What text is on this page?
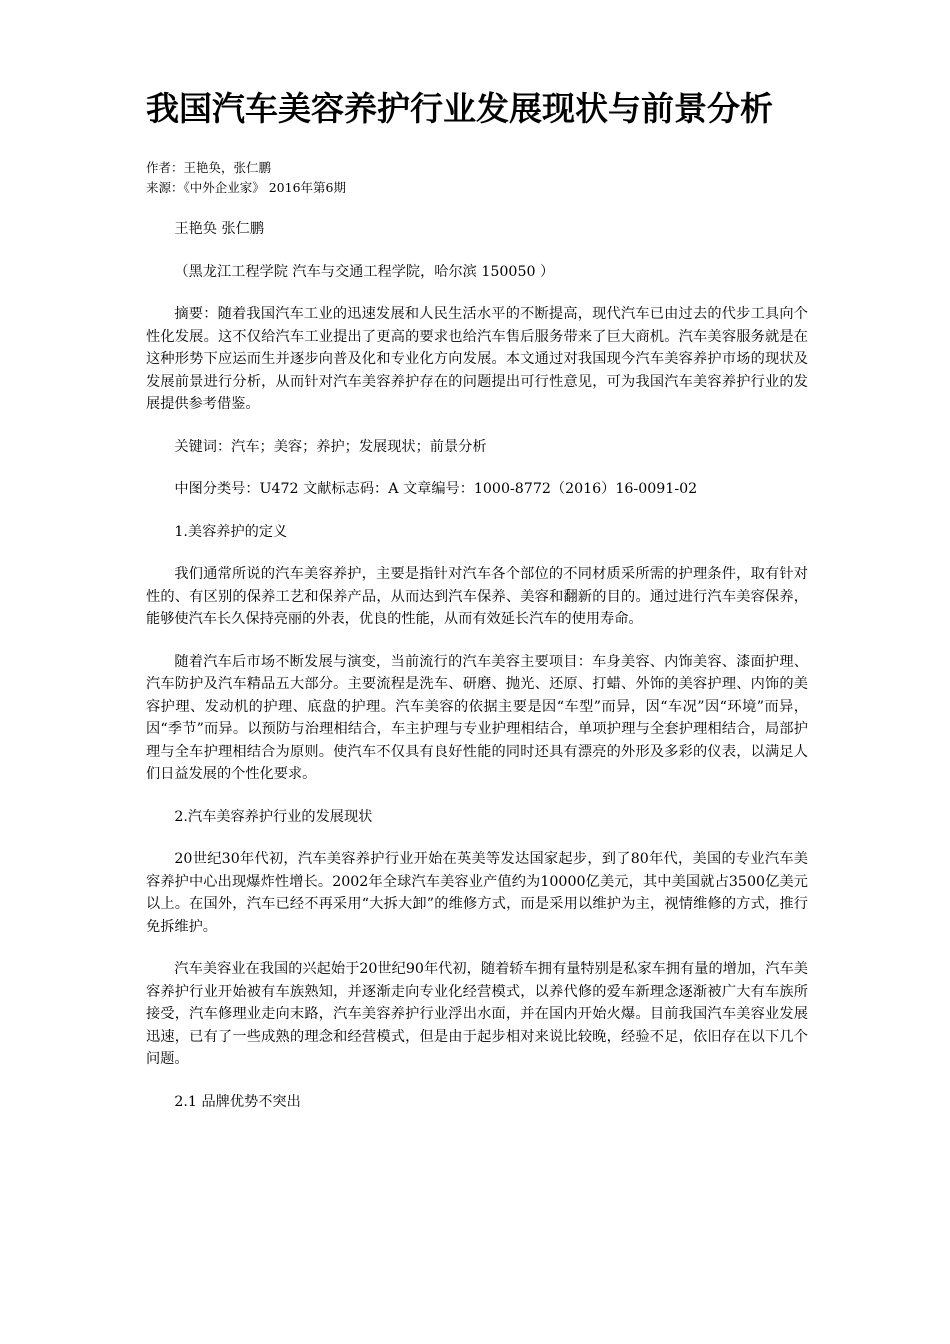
我国汽车美容养护行业发展现状与前景分析
作者：王艳奂，张仁鹏
来源：《中外企业家》 2016年第6期

王艳奂 张仁鹏

（黑龙江工程学院 汽车与交通工程学院，哈尔滨 150050 ）

摘要：随着我国汽车工业的迅速发展和人民生活水平的不断提高，现代汽车已由过去的代步工具向个性化发展。这不仅给汽车工业提出了更高的要求也给汽车售后服务带来了巨大商机。汽车美容服务就是在这种形势下应运而生并逐步向普及化和专业化方向发展。本文通过对我国现今汽车美容养护市场的现状及发展前景进行分析，从而针对汽车美容养护存在的问题提出可行性意见，可为我国汽车美容养护行业的发展提供参考借鉴。

关键词：汽车；美容；养护；发展现状；前景分析

中图分类号：U472 文献标志码：A 文章编号：1000-8772（2016）16-0091-02

1.美容养护的定义

我们通常所说的汽车美容养护，主要是指针对汽车各个部位的不同材质采所需的护理条件，取有针对性的、有区别的保养工艺和保养产品，从而达到汽车保养、美容和翻新的目的。通过进行汽车美容保养，能够使汽车长久保持亮丽的外表，优良的性能，从而有效延长汽车的使用寿命。

随着汽车后市场不断发展与演变，当前流行的汽车美容主要项目：车身美容、内饰美容、漆面护理、汽车防护及汽车精品五大部分。主要流程是洗车、研磨、抛光、还原、打蜡、外饰的美容护理、内饰的美容护理、发动机的护理、底盘的护理。汽车美容的依据主要是因“车型”而异，因“车况”因“环境”而异，因“季节”而异。以预防与治理相结合，车主护理与专业护理相结合，单项护理与全套护理相结合，局部护理与全车护理相结合为原则。使汽车不仅具有良好性能的同时还具有漂亮的外形及多彩的仪表，以满足人们日益发展的个性化要求。

2.汽车美容养护行业的发展现状

20世纪30年代初，汽车美容养护行业开始在英美等发达国家起步，到了80年代，美国的专业汽车美容养护中心出现爆炸性增长。2002年全球汽车美容业产值约为10000亿美元，其中美国就占3500亿美元以上。在国外，汽车已经不再采用“大拆大卸”的维修方式，而是采用以维护为主，视情维修的方式，推行免拆维护。

汽车美容业在我国的兴起始于20世纪90年代初，随着轿车拥有量特别是私家车拥有量的增加，汽车美容养护行业开始被有车族熟知，并逐渐走向专业化经营模式，以养代修的爱车新理念逐渐被广大有车族所接受，汽车修理业走向末路，汽车美容养护行业浮出水面，并在国内开始火爆。目前我国汽车美容业发展迅速，已有了一些成熟的理念和经营模式，但是由于起步相对来说比较晚，经验不足，依旧存在以下几个问题。

2.1 品牌优势不突出
